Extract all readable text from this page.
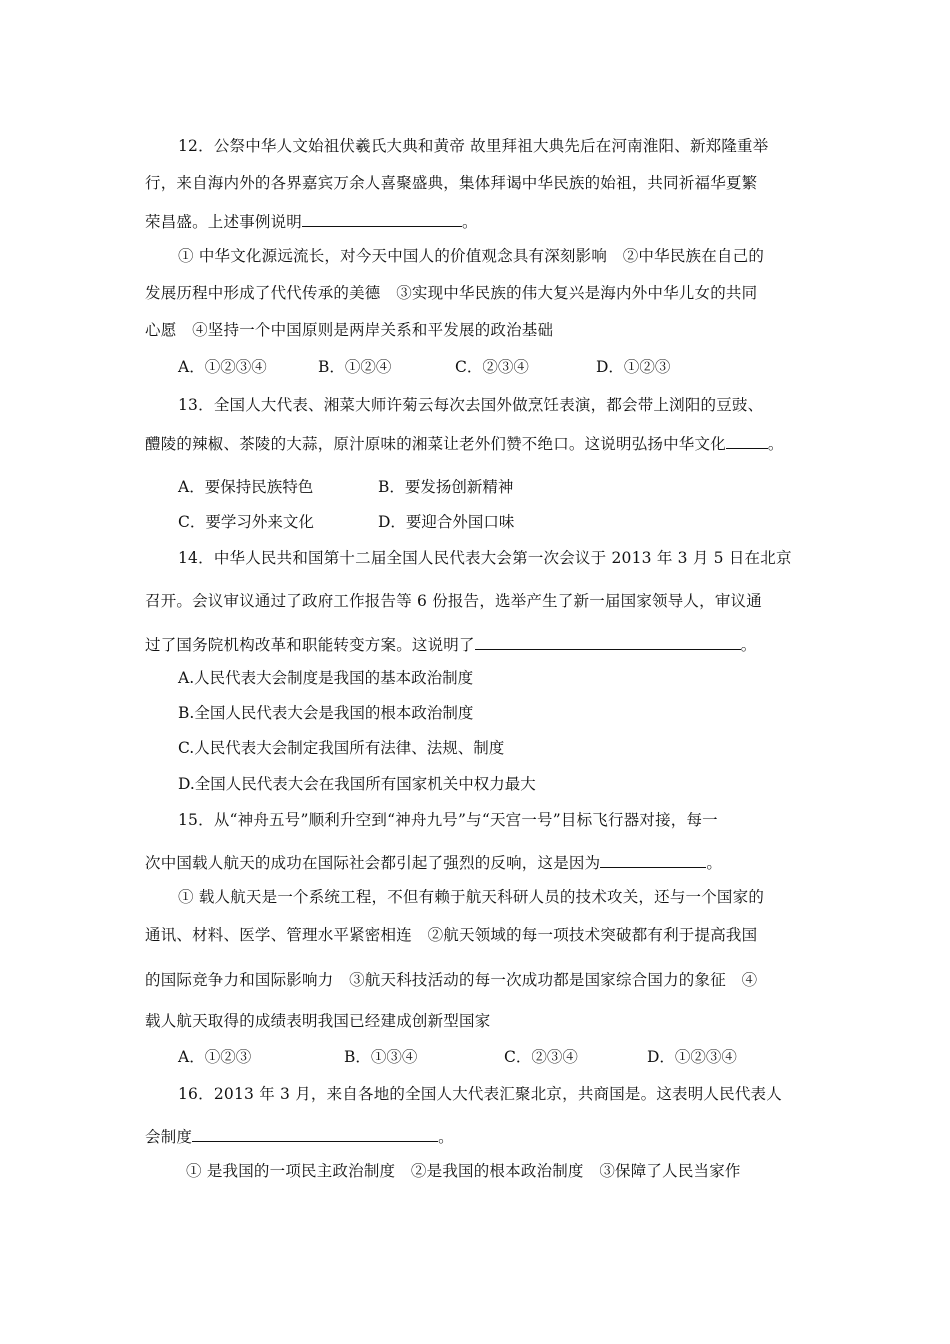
12．公祭中华人文始祖伏羲氏大典和黄帝 故里拜祖大典先后在河南淮阳、新郑隆重举
行，来自海内外的各界嘉宾万余人喜聚盛典，集体拜谒中华民族的始祖，共同祈福华夏繁
荣昌盛。上述事例说明	。
① 中华文化源远流长，对今天中国人的价值观念具有深刻影响　②中华民族在自己的
发展历程中形成了代代传承的美德　③实现中华民族的伟大复兴是海内外中华儿女的共同
心愿　④坚持一个中国原则是两岸关系和平发展的政治基础
A．①②③④	B．①②④	C．②③④	D．①②③
13．全国人大代表、湘菜大师许菊云每次去国外做烹饪表演，都会带上浏阳的豆豉、
醴陵的辣椒、茶陵的大蒜，原汁原味的湘菜让老外们赞不绝口。这说明弘扬中华文化	。
A．要保持民族特色	B．要发扬创新精神
C．要学习外来文化	D．要迎合外国口味
14．中华人民共和国第十二届全国人民代表大会第一次会议于 2013 年 3 月 5 日在北京
召开。会议审议通过了政府工作报告等 6 份报告，选举产生了新一届国家领导人，审议通
过了国务院机构改革和职能转变方案。这说明了	。
A.人民代表大会制度是我国的基本政治制度
B.全国人民代表大会是我国的根本政治制度
C.人民代表大会制定我国所有法律、法规、制度
D.全国人民代表大会在我国所有国家机关中权力最大
15．从“神舟五号”顺利升空到“神舟九号”与“天宫一号”目标飞行器对接，每一
次中国载人航天的成功在国际社会都引起了强烈的反响，这是因为	。
① 载人航天是一个系统工程，不但有赖于航天科研人员的技术攻关，还与一个国家的
通讯、材料、医学、管理水平紧密相连　②航天领域的每一项技术突破都有利于提高我国
的国际竞争力和国际影响力　③航天科技活动的每一次成功都是国家综合国力的象征　④
载人航天取得的成绩表明我国已经建成创新型国家
A．①②③	B．①③④	C．②③④	D．①②③④
16．2013 年 3 月，来自各地的全国人大代表汇聚北京，共商国是。这表明人民代表人
会制度	。
① 是我国的一项民主政治制度　②是我国的根本政治制度　③保障了人民当家作
